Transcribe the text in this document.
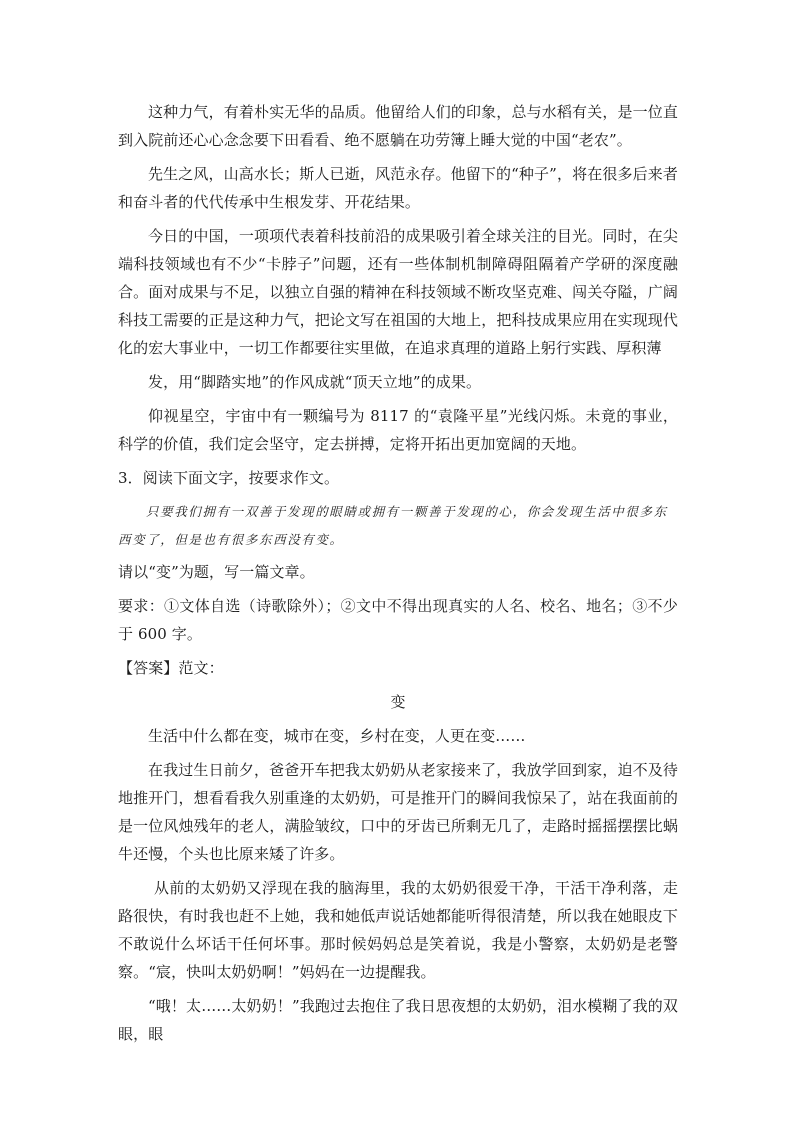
这种力气，有着朴实无华的品质。他留给人们的印象，总与水稻有关，是一位直到入院前还心心念念要下田看看、绝不愿躺在功劳簿上睡大觉的中国“老农”。

先生之风，山高水长；斯人已逝，风范永存。他留下的“种子”，将在很多后来者和奋斗者的代代传承中生根发芽、开花结果。

今日的中国，一项项代表着科技前沿的成果吸引着全球关注的目光。同时，在尖端科技领域也有不少“卡脖子”问题，还有一些体制机制障碍阻隔着产学研的深度融合。面对成果与不足，以独立自强的精神在科技领域不断攻坚克难、闯关夺隘，广阔科技工需要的正是这种力气，把论文写在祖国的大地上，把科技成果应用在实现现代化的宏大事业中，一切工作都要往实里做，在追求真理的道路上躬行实践、厚积薄

发，用“脚踏实地”的作风成就“顶天立地”的成果。

仰视星空，宇宙中有一颗编号为 8117 的“袁隆平星”光线闪烁。未竟的事业，科学的价值，我们定会坚守，定去拼搏，定将开拓出更加宽阔的天地。

3．阅读下面文字，按要求作文。

只要我们拥有一双善于发现的眼睛或拥有一颗善于发现的心，你会发现生活中很多东西变了，但是也有很多东西没有变。

请以“变”为题，写一篇文章。

要求：①文体自选（诗歌除外）；②文中不得出现真实的人名、校名、地名；③不少于 600 字。

【答案】范文：

变

生活中什么都在变，城市在变，乡村在变，人更在变……

在我过生日前夕，爸爸开车把我太奶奶从老家接来了，我放学回到家，迫不及待地推开门，想看看我久别重逢的太奶奶，可是推开门的瞬间我惊呆了，站在我面前的是一位风烛残年的老人，满脸皱纹，口中的牙齿已所剩无几了，走路时摇摇摆摆比蜗牛还慢，个头也比原来矮了许多。

从前的太奶奶又浮现在我的脑海里，我的太奶奶很爱干净，干活干净利落，走路很快，有时我也赶不上她，我和她低声说话她都能听得很清楚，所以我在她眼皮下不敢说什么坏话干任何坏事。那时候妈妈总是笑着说，我是小警察，太奶奶是老警察。“宸，快叫太奶奶啊！”妈妈在一边提醒我。

“哦！太……太奶奶！”我跑过去抱住了我日思夜想的太奶奶，泪水模糊了我的双眼，眼
